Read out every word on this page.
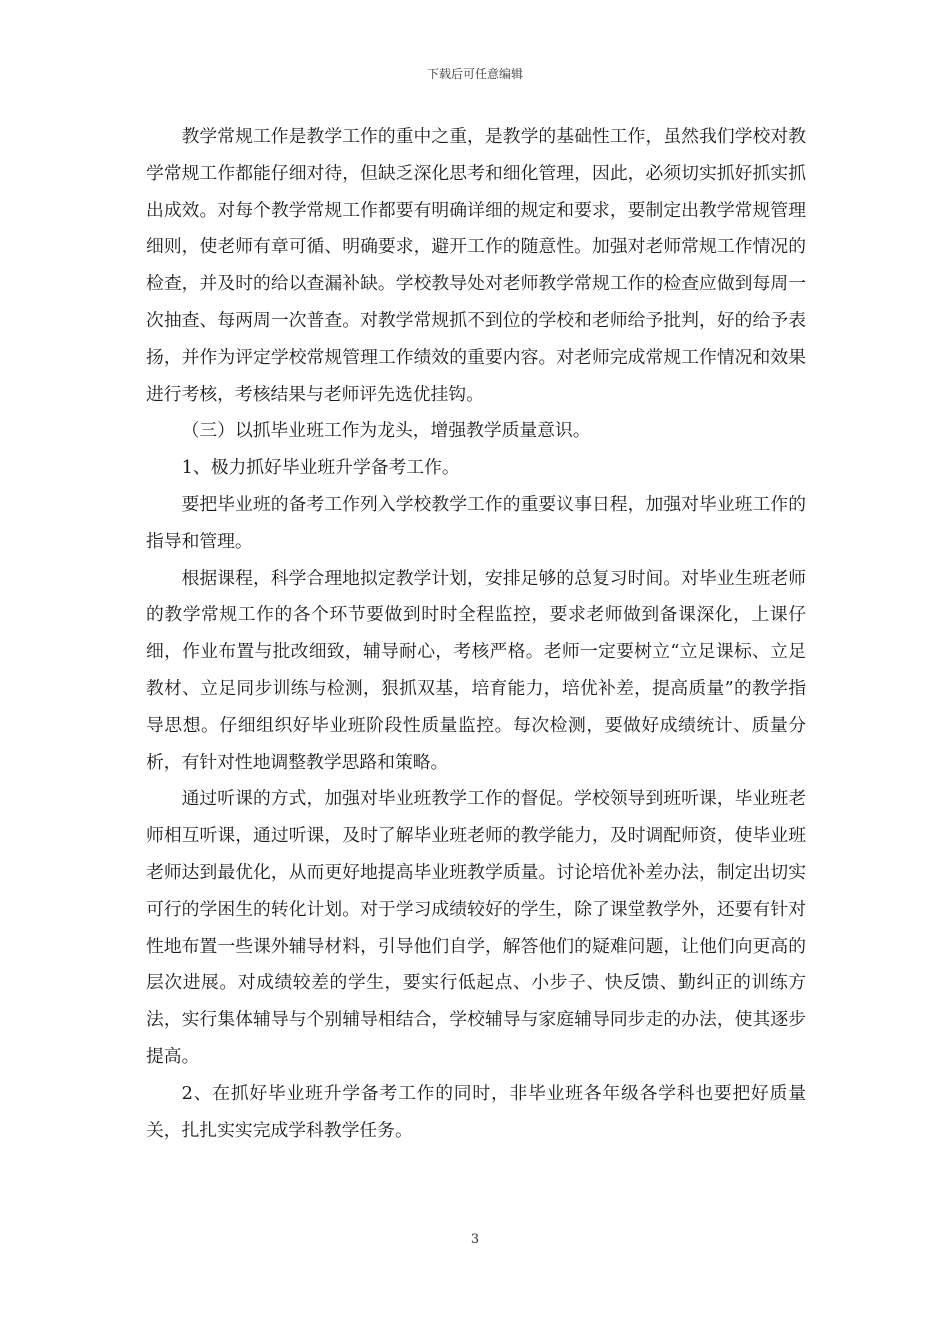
下载后可任意编辑

教学常规工作是教学工作的重中之重，是教学的基础性工作，虽然我们学校对教学常规工作都能仔细对待，但缺乏深化思考和细化管理，因此，必须切实抓好抓实抓出成效。对每个教学常规工作都要有明确详细的规定和要求，要制定出教学常规管理细则，使老师有章可循、明确要求，避开工作的随意性。加强对老师常规工作情况的检查，并及时的给以查漏补缺。学校教导处对老师教学常规工作的检查应做到每周一次抽查、每两周一次普查。对教学常规抓不到位的学校和老师给予批判，好的给予表扬，并作为评定学校常规管理工作绩效的重要内容。对老师完成常规工作情况和效果进行考核，考核结果与老师评先选优挂钩。

（三）以抓毕业班工作为龙头，增强教学质量意识。

1、极力抓好毕业班升学备考工作。

要把毕业班的备考工作列入学校教学工作的重要议事日程，加强对毕业班工作的指导和管理。

根据课程，科学合理地拟定教学计划，安排足够的总复习时间。对毕业生班老师的教学常规工作的各个环节要做到时时全程监控，要求老师做到备课深化，上课仔细，作业布置与批改细致，辅导耐心，考核严格。老师一定要树立“立足课标、立足教材、立足同步训练与检测，狠抓双基，培育能力，培优补差，提高质量”的教学指导思想。仔细组织好毕业班阶段性质量监控。每次检测，要做好成绩统计、质量分析，有针对性地调整教学思路和策略。

通过听课的方式，加强对毕业班教学工作的督促。学校领导到班听课，毕业班老师相互听课，通过听课，及时了解毕业班老师的教学能力，及时调配师资，使毕业班老师达到最优化，从而更好地提高毕业班教学质量。讨论培优补差办法，制定出切实可行的学困生的转化计划。对于学习成绩较好的学生，除了课堂教学外，还要有针对性地布置一些课外辅导材料，引导他们自学，解答他们的疑难问题，让他们向更高的层次进展。对成绩较差的学生，要实行低起点、小步子、快反馈、勤纠正的训练方法，实行集体辅导与个别辅导相结合，学校辅导与家庭辅导同步走的办法，使其逐步提高。

2、在抓好毕业班升学备考工作的同时，非毕业班各年级各学科也要把好质量关，扎扎实实完成学科教学任务。

3
